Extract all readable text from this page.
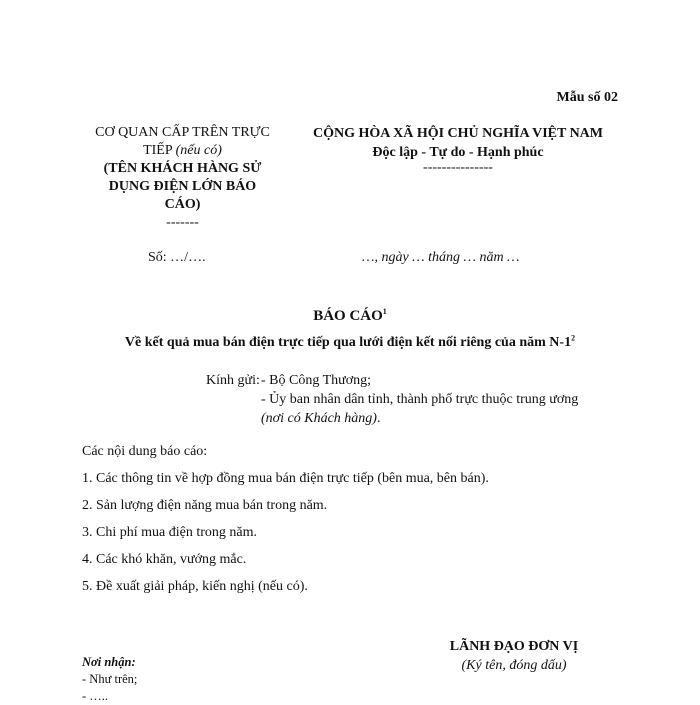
Mẫu số 02
CƠ QUAN CẤP TRÊN TRỰC
TIẾP (nếu có)
(TÊN KHÁCH HÀNG SỬ
DỤNG ĐIỆN LỚN BÁO
CÁO)
-------
CỘNG HÒA XÃ HỘI CHỦ NGHĨA VIỆT NAM
Độc lập - Tự do - Hạnh phúc
---------------
Số: …/….	…, ngày … tháng … năm …
BÁO CÁO$^1$
Về kết quả mua bán điện trực tiếp qua lưới điện kết nối riêng của năm $N-1^2$
Kính gửi: - Bộ Công Thương;
- Ủy ban nhân dân tỉnh, thành phố trực thuộc trung ương
(nơi có Khách hàng).
Các nội dung báo cáo:
1. Các thông tin về hợp đồng mua bán điện trực tiếp (bên mua, bên bán).
2. Sản lượng điện năng mua bán trong năm.
3. Chi phí mua điện trong năm.
4. Các khó khăn, vướng mắc.
5. Đề xuất giải pháp, kiến nghị (nếu có).
LÃNH ĐẠO ĐƠN VỊ
(Ký tên, đóng dấu)
Nơi nhận:
- Như trên;
- …..
